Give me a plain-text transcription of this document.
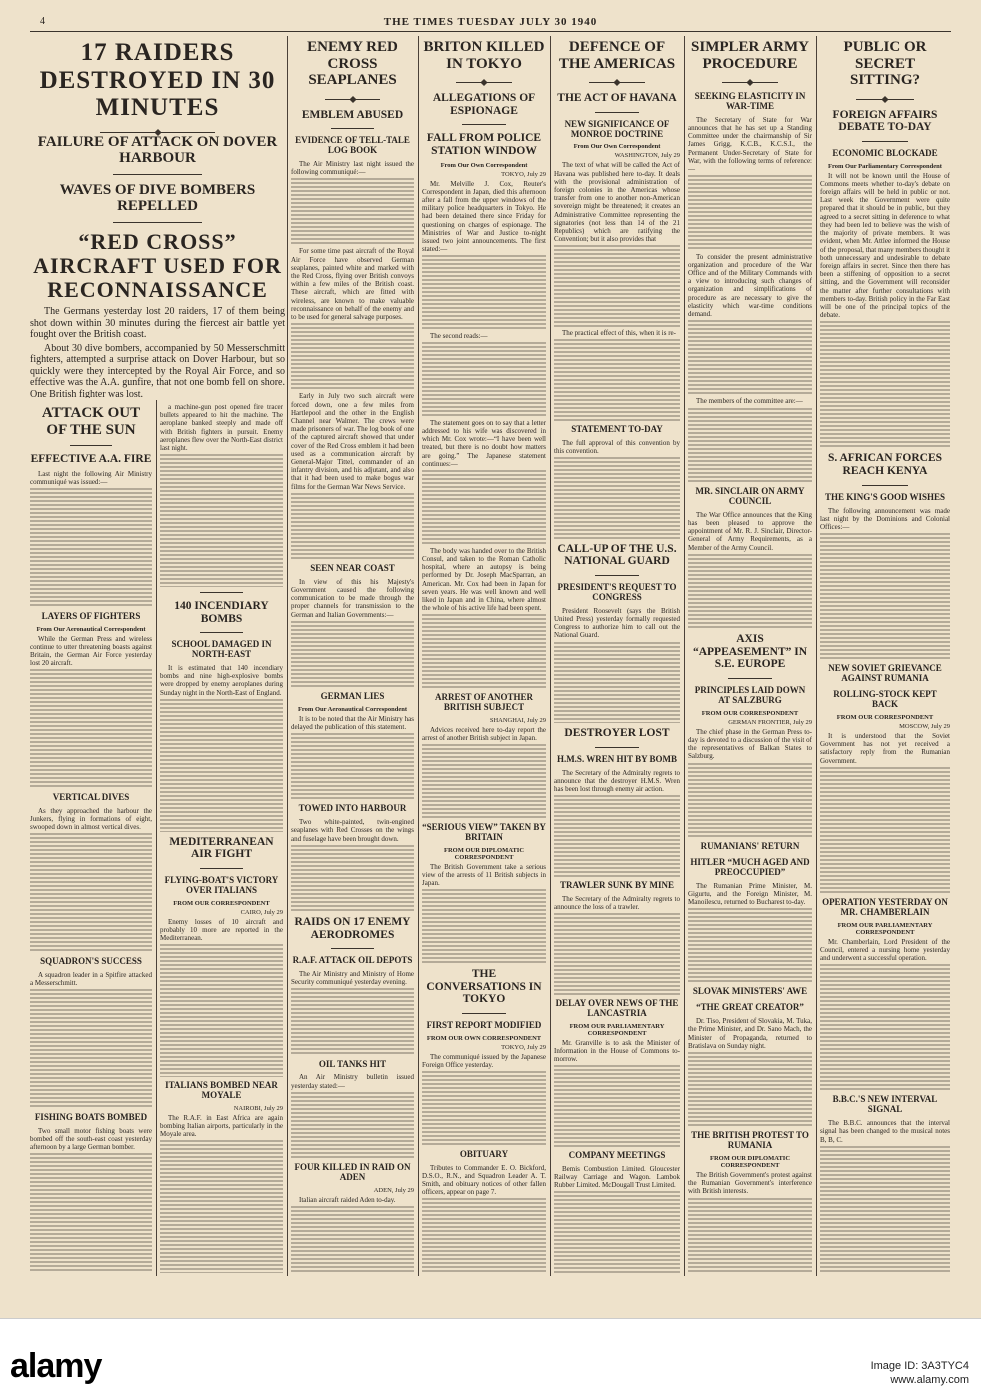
4	THE TIMES TUESDAY JULY 30 1940
17 RAIDERS DESTROYED IN 30 MINUTES
FAILURE OF ATTACK ON DOVER HARBOUR
WAVES OF DIVE BOMBERS REPELLED
“RED CROSS” AIRCRAFT USED FOR RECONNAISSANCE
The Germans yesterday lost 20 raiders, 17 of them being shot down within 30 minutes during the fiercest air battle yet fought over the British coast.
About 30 dive bombers, accompanied by 50 Messerschmitt fighters, attempted a surprise attack on Dover Harbour, but so quickly were they intercepted by the Royal Air Force, and so effective was the A.A. gunfire, that not one bomb fell on shore. One British fighter was lost.
ATTACK OUT OF THE SUN
EFFECTIVE A.A. FIRE
Last night the following Air Ministry communiqué was issued:—
LAYERS OF FIGHTERS
From Our Aeronautical Correspondent
While the German Press and wireless continue to utter threatening boasts against Britain, the German Air Force yesterday lost 20 aircraft.
VERTICAL DIVES
As they approached the harbour the Junkers, flying in formations of eight, swooped down in almost vertical dives.
SQUADRON'S SUCCESS
A squadron leader in a Spitfire attacked a Messerschmitt.
FISHING BOATS BOMBED
Two small motor fishing boats were bombed off the south-east coast yesterday afternoon by a large German bomber.
a machine-gun post opened fire tracer bullets appeared to hit the machine. The aeroplane banked steeply and made off with British fighters in pursuit. Enemy aeroplanes flew over the North-East district last night.
140 INCENDIARY BOMBS
SCHOOL DAMAGED IN NORTH-EAST
It is estimated that 140 incendiary bombs and nine high-explosive bombs were dropped by enemy aeroplanes during Sunday night in the North-East of England.
MEDITERRANEAN AIR FIGHT
FLYING-BOAT'S VICTORY OVER ITALIANS
FROM OUR CORRESPONDENT
CAIRO, July 29
Enemy losses of 10 aircraft and probably 10 more are reported in the Mediterranean.
ITALIANS BOMBED NEAR MOYALE
NAIROBI, July 29
The R.A.F. in East Africa are again bombing Italian airports, particularly in the Moyale area.
ENEMY RED CROSS SEAPLANES
EMBLEM ABUSED
EVIDENCE OF TELL-TALE LOG BOOK
The Air Ministry last night issued the following communiqué:—
For some time past aircraft of the Royal Air Force have observed German seaplanes, painted white and marked with the Red Cross, flying over British convoys within a few miles of the British coast. These aircraft, which are fitted with wireless, are known to make valuable reconnaissance on behalf of the enemy and to be used for general salvage purposes.
Early in July two such aircraft were forced down, one a few miles from Hartlepool and the other in the English Channel near Walmer. The crews were made prisoners of war. The log book of one of the captured aircraft showed that under cover of the Red Cross emblem it had been used as a communication aircraft by General-Major Tittel, commander of an infantry division, and his adjutant, and also that it had been used to make bogus war films for the German War News Service.
SEEN NEAR COAST
In view of this his Majesty's Government caused the following communication to be made through the proper channels for transmission to the German and Italian Governments:—
GERMAN LIES
From Our Aeronautical Correspondent
It is to be noted that the Air Ministry has delayed the publication of this statement.
TOWED INTO HARBOUR
Two white-painted, twin-engined seaplanes with Red Crosses on the wings and fuselage have been brought down.
RAIDS ON 17 ENEMY AERODROMES
R.A.F. ATTACK OIL DEPOTS
The Air Ministry and Ministry of Home Security communiqué yesterday evening.
OIL TANKS HIT
An Air Ministry bulletin issued yesterday stated:—
FOUR KILLED IN RAID ON ADEN
ADEN, July 29
Italian aircraft raided Aden to-day.
BRITON KILLED IN TOKYO
ALLEGATIONS OF ESPIONAGE
FALL FROM POLICE STATION WINDOW
From Our Own Correspondent
TOKYO, July 29
Mr. Melville J. Cox, Reuter's Correspondent in Japan, died this afternoon after a fall from the upper windows of the military police headquarters in Tokyo. He had been detained there since Friday for questioning on charges of espionage. The Ministries of War and Justice to-night issued two joint announcements. The first stated:—
The second reads:—
The statement goes on to say that a letter addressed to his wife was discovered in which Mr. Cox wrote:—“I have been well treated, but there is no doubt how matters are going.” The Japanese statement continues:—
The body was handed over to the British Consul, and taken to the Roman Catholic hospital, where an autopsy is being performed by Dr. Joseph MacSparran, an American. Mr. Cox had been in Japan for seven years. He was well known and well liked in Japan and in China, where almost the whole of his active life had been spent.
ARREST OF ANOTHER BRITISH SUBJECT
SHANGHAI, July 29
Advices received here to-day report the arrest of another British subject in Japan.
“SERIOUS VIEW” TAKEN BY BRITAIN
FROM OUR DIPLOMATIC CORRESPONDENT
The British Government take a serious view of the arrests of 11 British subjects in Japan.
THE CONVERSATIONS IN TOKYO
FIRST REPORT MODIFIED
FROM OUR OWN CORRESPONDENT
TOKYO, July 29
The communiqué issued by the Japanese Foreign Office yesterday.
OBITUARY
Tributes to Commander E. O. Bickford, D.S.O., R.N., and Squadron Leader A. T. Smith, and obituary notices of other fallen officers, appear on page 7.
DEFENCE OF THE AMERICAS
THE ACT OF HAVANA
NEW SIGNIFICANCE OF MONROE DOCTRINE
From Our Own Correspondent
WASHINGTON, July 29
The text of what will be called the Act of Havana was published here to-day. It deals with the provisional administration of foreign colonies in the Americas whose transfer from one to another non-American sovereign might be threatened; it creates an Administrative Committee representing the signatories (not less than 14 of the 21 Republics) which are ratifying the Convention; but it also provides that
The practical effect of this, when it is re-
STATEMENT TO-DAY
The full approval of this convention by this convention.
CALL-UP OF THE U.S. NATIONAL GUARD
PRESIDENT'S REQUEST TO CONGRESS
President Roosevelt (says the British United Press) yesterday formally requested Congress to authorize him to call out the National Guard.
DESTROYER LOST
H.M.S. WREN HIT BY BOMB
The Secretary of the Admiralty regrets to announce that the destroyer H.M.S. Wren has been lost through enemy air action.
TRAWLER SUNK BY MINE
The Secretary of the Admiralty regrets to announce the loss of a trawler.
DELAY OVER NEWS OF THE LANCASTRIA
FROM OUR PARLIAMENTARY CORRESPONDENT
Mr. Granville is to ask the Minister of Information in the House of Commons to-morrow.
COMPANY MEETINGS
Bemis Combustion Limited. Gloucester Railway Carriage and Wagon. Lambok Rubber Limited. McDougall Trust Limited.
SIMPLER ARMY PROCEDURE
SEEKING ELASTICITY IN WAR-TIME
The Secretary of State for War announces that he has set up a Standing Committee under the chairmanship of Sir James Grigg, K.C.B., K.C.S.I., the Permanent Under-Secretary of State for War, with the following terms of reference:—
To consider the present administrative organization and procedure of the War Office and of the Military Commands with a view to introducing such changes of organization and simplifications of procedure as are necessary to give the elasticity which war-time conditions demand.
The members of the committee are:—
MR. SINCLAIR ON ARMY COUNCIL
The War Office announces that the King has been pleased to approve the appointment of Mr. R. J. Sinclair, Director-General of Army Requirements, as a Member of the Army Council.
AXIS “APPEASEMENT” IN S.E. EUROPE
PRINCIPLES LAID DOWN AT SALZBURG
FROM OUR CORRESPONDENT
GERMAN FRONTIER, July 29
The chief phase in the German Press to-day is devoted to a discussion of the visit of the representatives of Balkan States to Salzburg.
RUMANIANS' RETURN
HITLER “MUCH AGED AND PREOCCUPIED”
The Rumanian Prime Minister, M. Gigurtu, and the Foreign Minister, M. Manoilescu, returned to Bucharest to-day.
SLOVAK MINISTERS' AWE
“THE GREAT CREATOR”
Dr. Tiso, President of Slovakia, M. Tuka, the Prime Minister, and Dr. Sano Mach, the Minister of Propaganda, returned to Bratislava on Sunday night.
THE BRITISH PROTEST TO RUMANIA
FROM OUR DIPLOMATIC CORRESPONDENT
The British Government's protest against the Rumanian Government's interference with British interests.
PUBLIC OR SECRET SITTING?
FOREIGN AFFAIRS DEBATE TO-DAY
ECONOMIC BLOCKADE
From Our Parliamentary Correspondent
It will not be known until the House of Commons meets whether to-day's debate on foreign affairs will be held in public or not. Last week the Government were quite prepared that it should be in public, but they agreed to a secret sitting in deference to what they had been led to believe was the wish of the majority of private members. It was evident, when Mr. Attlee informed the House of the proposal, that many members thought it both unnecessary and undesirable to debate foreign affairs in secret. Since then there has been a stiffening of opposition to a secret sitting, and the Government will reconsider the matter after further consultations with members to-day. British policy in the Far East will be one of the principal topics of the debate.
S. AFRICAN FORCES REACH KENYA
THE KING'S GOOD WISHES
The following announcement was made last night by the Dominions and Colonial Offices:—
NEW SOVIET GRIEVANCE AGAINST RUMANIA
ROLLING-STOCK KEPT BACK
FROM OUR CORRESPONDENT
MOSCOW, July 29
It is understood that the Soviet Government has not yet received a satisfactory reply from the Rumanian Government.
OPERATION YESTERDAY ON MR. CHAMBERLAIN
FROM OUR PARLIAMENTARY CORRESPONDENT
Mr. Chamberlain, Lord President of the Council, entered a nursing home yesterday and underwent a successful operation.
B.B.C.'S NEW INTERVAL SIGNAL
The B.B.C. announces that the interval signal has been changed to the musical notes B, B, C.
alamy	Image ID: 3A3TYC4
www.alamy.com
